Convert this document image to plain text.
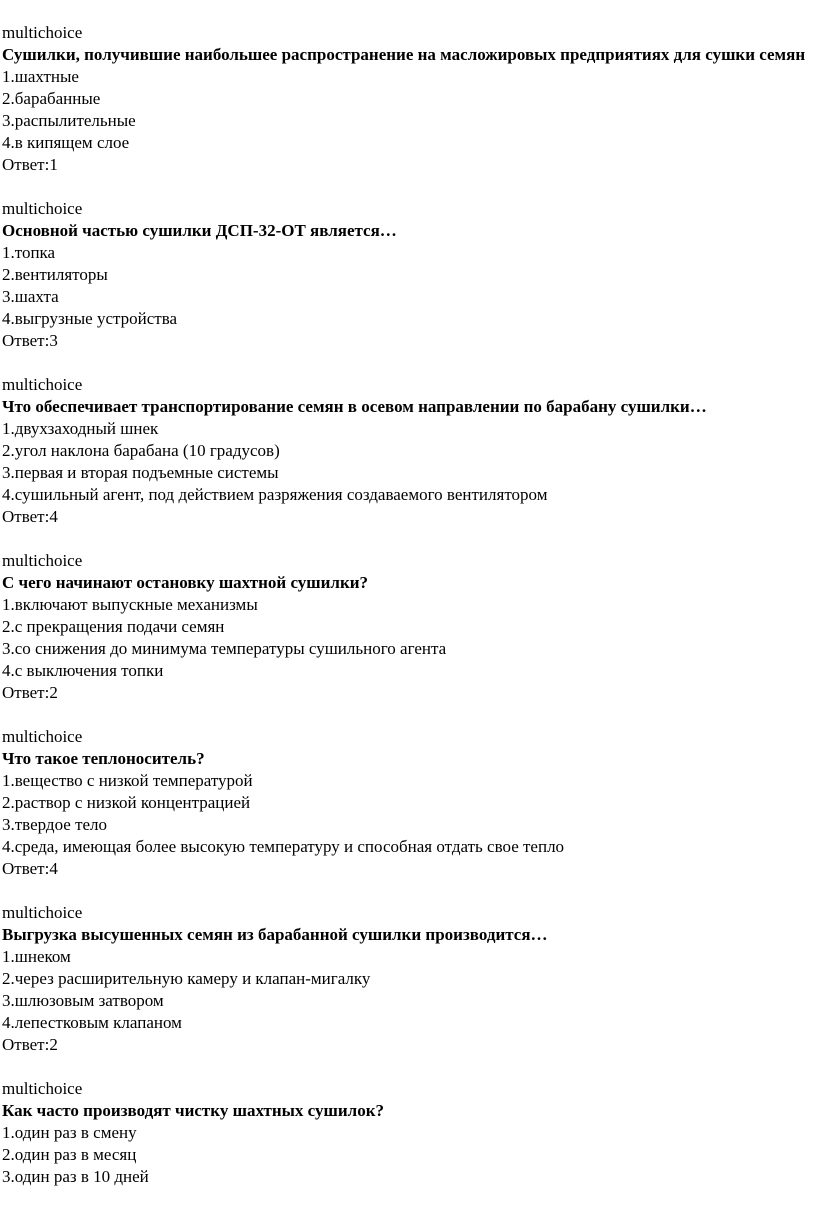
multichoice
Сушилки, получившие наибольшее распространение на масложировых предприятиях для сушки семян
1.шахтные
2.барабанные
3.распылительные
4.в кипящем слое
Ответ:1
multichoice
Основной частью сушилки ДСП-32-ОТ является…
1.топка
2.вентиляторы
3.шахта
4.выгрузные устройства
Ответ:3
multichoice
Что обеспечивает транспортирование семян в осевом направлении по барабану сушилки…
1.двухзаходный шнек
2.угол наклона барабана (10 градусов)
3.первая и вторая подъемные системы
4.сушильный агент, под действием разряжения создаваемого вентилятором
Ответ:4
multichoice
С чего начинают остановку шахтной сушилки?
1.включают выпускные механизмы
2.с прекращения подачи семян
3.со снижения до минимума температуры сушильного агента
4.с выключения топки
Ответ:2
multichoice
Что такое теплоноситель?
1.вещество с низкой температурой
2.раствор с низкой концентрацией
3.твердое тело
4.среда, имеющая более высокую температуру и способная отдать свое тепло
Ответ:4
multichoice
Выгрузка высушенных семян из барабанной сушилки производится…
1.шнеком
2.через расширительную камеру и клапан-мигалку
3.шлюзовым затвором
4.лепестковым клапаном
Ответ:2
multichoice
Как часто производят чистку шахтных сушилок?
1.один раз в смену
2.один раз в месяц
3.один раз в 10 дней
